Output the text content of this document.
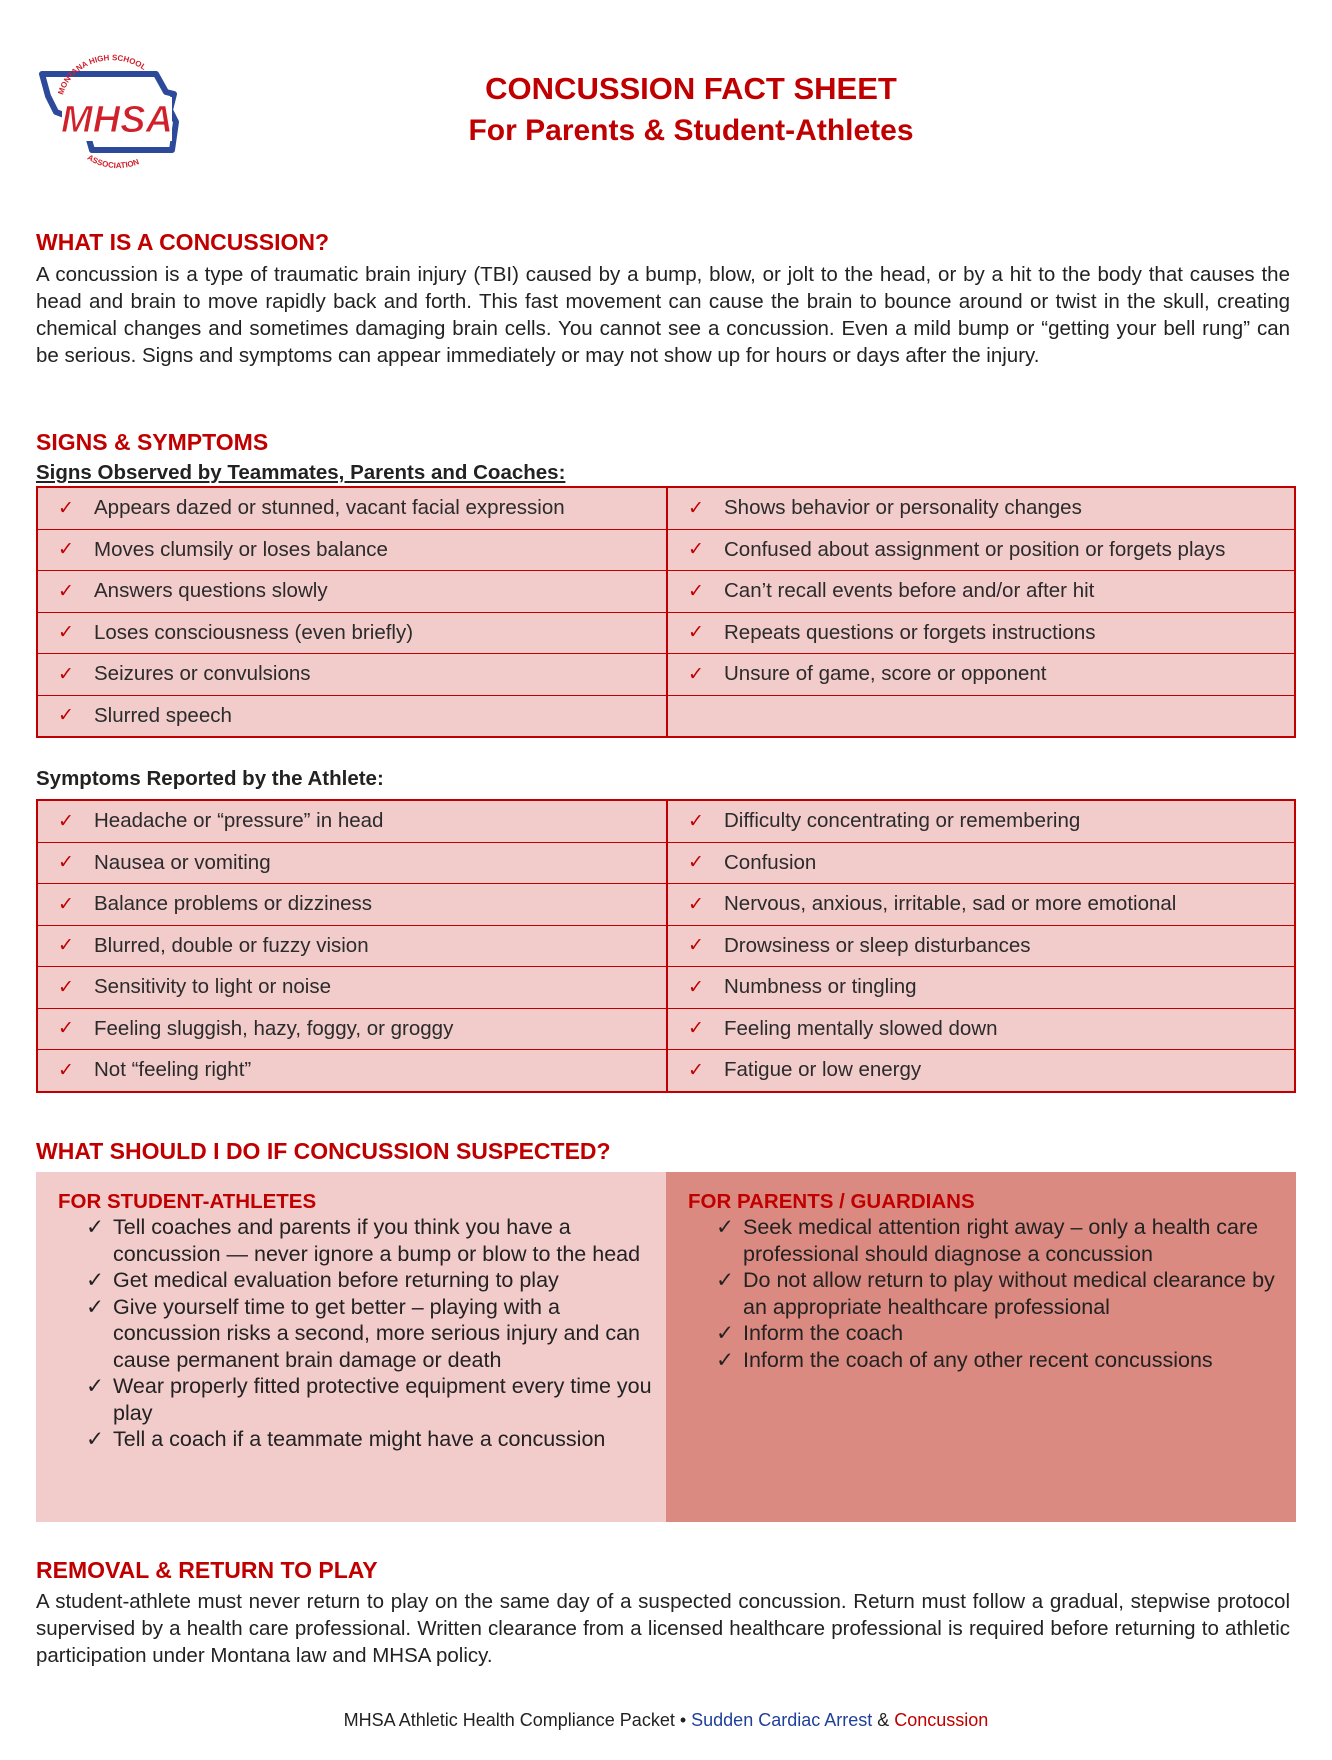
MHSA
MONTANA HIGH SCHOOL
ASSOCIATION
CONCUSSION FACT SHEET
For Parents & Student-Athletes
WHAT IS A CONCUSSION?

A concussion is a type of traumatic brain injury (TBI) caused by a bump, blow, or jolt to the head, or by a hit to the body that causes the head and brain to move rapidly back and forth. This fast movement can cause the brain to bounce around or twist in the skull, creating chemical changes and sometimes damaging brain cells. You cannot see a concussion. Even a mild bump or “getting your bell rung” can be serious. Signs and symptoms can appear immediately or may not show up for hours or days after the injury.

SIGNS & SYMPTOMS

Signs Observed by Teammates, Parents and Coaches:

✓ Appears dazed or stunned, vacant facial expression	✓ Shows behavior or personality changes
✓ Moves clumsily or loses balance	✓ Confused about assignment or position or forgets plays
✓ Answers questions slowly	✓ Can’t recall events before and/or after hit
✓ Loses consciousness (even briefly)	✓ Repeats questions or forgets instructions
✓ Seizures or convulsions	✓ Unsure of game, score or opponent
✓ Slurred speech

Symptoms Reported by the Athlete:

✓ Headache or “pressure” in head	✓ Difficulty concentrating or remembering
✓ Nausea or vomiting	✓ Confusion
✓ Balance problems or dizziness	✓ Nervous, anxious, irritable, sad or more emotional
✓ Blurred, double or fuzzy vision	✓ Drowsiness or sleep disturbances
✓ Sensitivity to light or noise	✓ Numbness or tingling
✓ Feeling sluggish, hazy, foggy, or groggy	✓ Feeling mentally slowed down
✓ Not “feeling right”	✓ Fatigue or low energy
WHAT SHOULD I DO IF CONCUSSION SUSPECTED?
FOR STUDENT-ATHLETES
✓ Tell coaches and parents if you think you have a concussion — never ignore a bump or blow to the head
✓ Get medical evaluation before returning to play
✓ Give yourself time to get better – playing with a concussion risks a second, more serious injury and can cause permanent brain damage or death
✓ Wear properly fitted protective equipment every time you play
✓ Tell a coach if a teammate might have a concussion
FOR PARENTS / GUARDIANS
✓ Seek medical attention right away – only a health care professional should diagnose a concussion
✓ Do not allow return to play without medical clearance by an appropriate healthcare professional
✓ Inform the coach
✓ Inform the coach of any other recent concussions
REMOVAL & RETURN TO PLAY

A student-athlete must never return to play on the same day of a suspected concussion. Return must follow a gradual, stepwise protocol supervised by a health care professional. Written clearance from a licensed healthcare professional is required before returning to athletic participation under Montana law and MHSA policy.

MHSA Athletic Health Compliance Packet • Sudden Cardiac Arrest & Concussion
